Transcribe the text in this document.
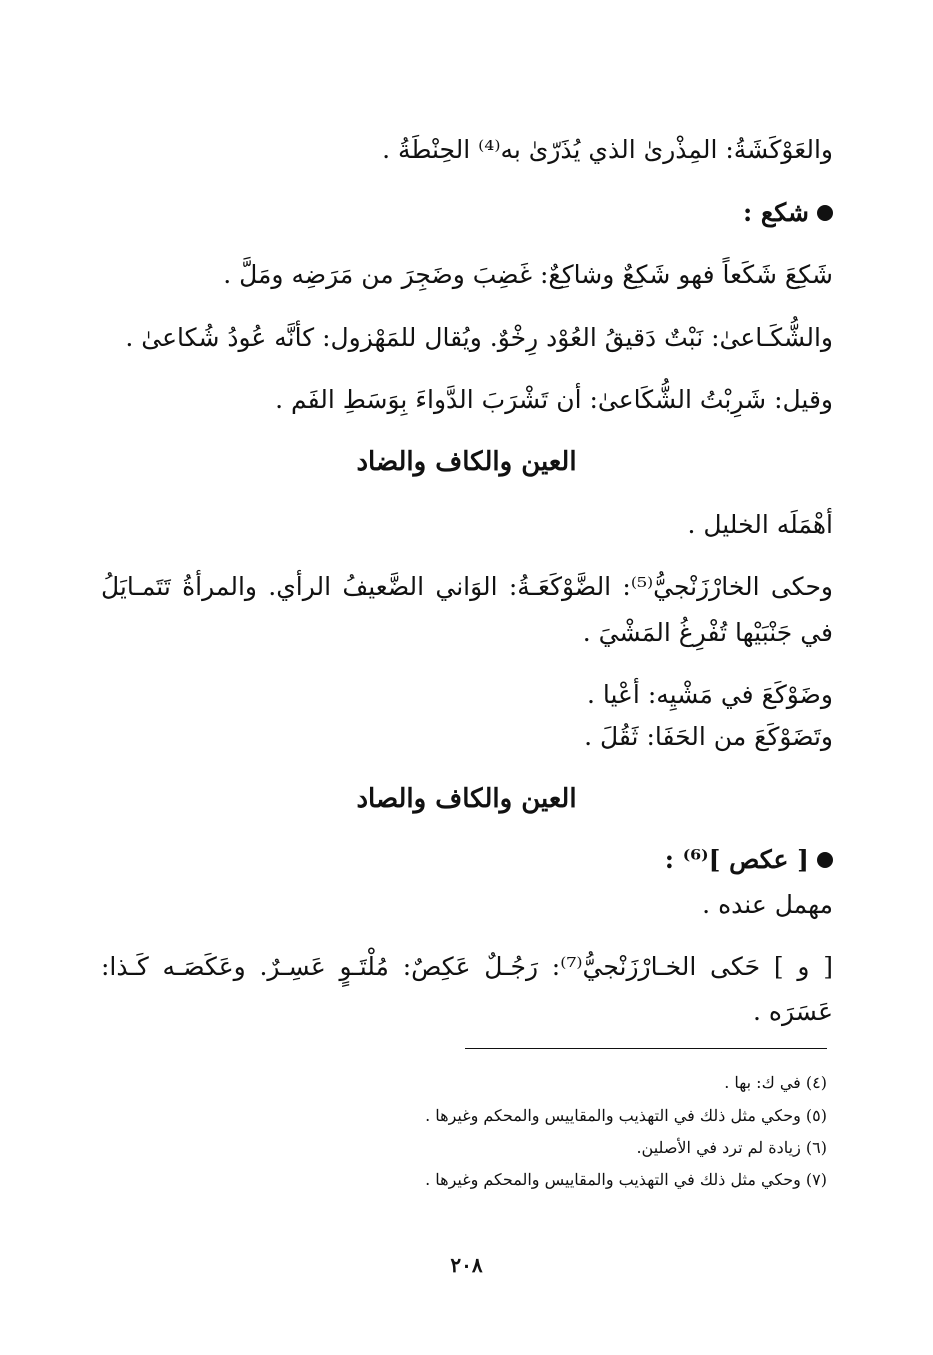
والعَوْكَشَةُ: المِذْرىٰ الذي يُذَرّىٰ به⁽⁴⁾ الحِنْطَةُ .
شكع :
شَكِعَ شَكَعاً فهو شَكِعٌ وشاكِعٌ: غَضِبَ وضَجِرَ من مَرَضِه ومَلَّ .
والشُّكَـاعىٰ: نَبْتٌ دَقيقُ العُوْد رِخْوٌ. ويُقال للمَهْزول: كأنَّه عُودُ شُكاعىٰ .
وقيل: شَرِبْتُ الشُّكَاعىٰ: أن تَشْرَبَ الدَّواءَ بِوَسَطِ الفَم .
العين والكاف والضاد
أهْمَلَه الخليل .
وحكى الخارْزَنْجيُّ⁽⁵⁾: الضَّوْكَعَـةُ: الوَاني الضَّعيفُ الرأي. والمرأةُ تَتَمـايَلُ
في جَنْبَيْها تُفْرِغُ المَشْيَ .
وضَوْكَعَ في مَشْيِه: أعْيا .
وتَضَوْكَعَ من الحَفَا: ثَقُلَ .
العين والكاف والصاد
[ عكص ]⁽⁶⁾ :
مهمل عنده .
[ و ] حَكى الخـارْزَنْجيُّ⁽⁷⁾: رَجُـلٌ عَكِصٌ: مُلْتَـوٍ عَسِـرٌ. وعَكَصَـه كَـذا:
عَسَرَه .
(٤) في ك: بها .
(٥) وحكي مثل ذلك في التهذيب والمقاييس والمحكم وغيرها .
(٦) زيادة لم ترد في الأصلين.
(٧) وحكي مثل ذلك في التهذيب والمقاييس والمحكم وغيرها .
٢٠٨
